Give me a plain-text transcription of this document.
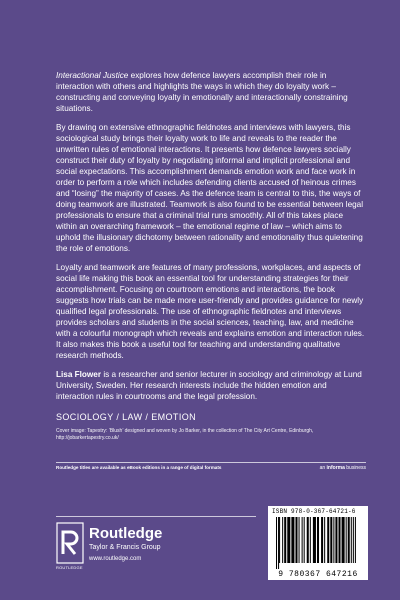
Interactional Justice explores how defence lawyers accomplish their role in interaction with others and highlights the ways in which they do loyalty work – constructing and conveying loyalty in emotionally and interactionally constraining situations.

By drawing on extensive ethnographic fieldnotes and interviews with lawyers, this sociological study brings their loyalty work to life and reveals to the reader the unwritten rules of emotional interactions. It presents how defence lawyers socially construct their duty of loyalty by negotiating informal and implicit professional and social expectations. This accomplishment demands emotion work and face work in order to perform a role which includes defending clients accused of heinous crimes and “losing” the majority of cases. As the defence team is central to this, the ways of doing teamwork are illustrated. Teamwork is also found to be essential between legal professionals to ensure that a criminal trial runs smoothly. All of this takes place within an overarching framework – the emotional regime of law – which aims to uphold the illusionary dichotomy between rationality and emotionality thus quietening the role of emotions.

Loyalty and teamwork are features of many professions, workplaces, and aspects of social life making this book an essential tool for understanding strategies for their accomplishment. Focusing on courtroom emotions and interactions, the book suggests how trials can be made more user-friendly and provides guidance for newly qualified legal professionals. The use of ethnographic fieldnotes and interviews provides scholars and students in the social sciences, teaching, law, and medicine with a colourful monograph which reveals and explains emotion and interaction rules. It also makes this book a useful tool for teaching and understanding qualitative research methods.

Lisa Flower is a researcher and senior lecturer in sociology and criminology at Lund University, Sweden. Her research interests include the hidden emotion and interaction rules in courtrooms and the legal profession.

SOCIOLOGY / LAW / EMOTION

Cover image: Tapestry: ‘Blush’ designed and woven by Jo Barker, in the collection of The City Art Centre, Edinburgh, http://jobarkertapestry.co.uk/

Routledge titles are available as eBook editions in a range of digital formats	an informa business
ROUTLEDGE
Routledge
Taylor & Francis Group
www.routledge.com
ISBN 978-0-367-64721-6
9 780367 647216
